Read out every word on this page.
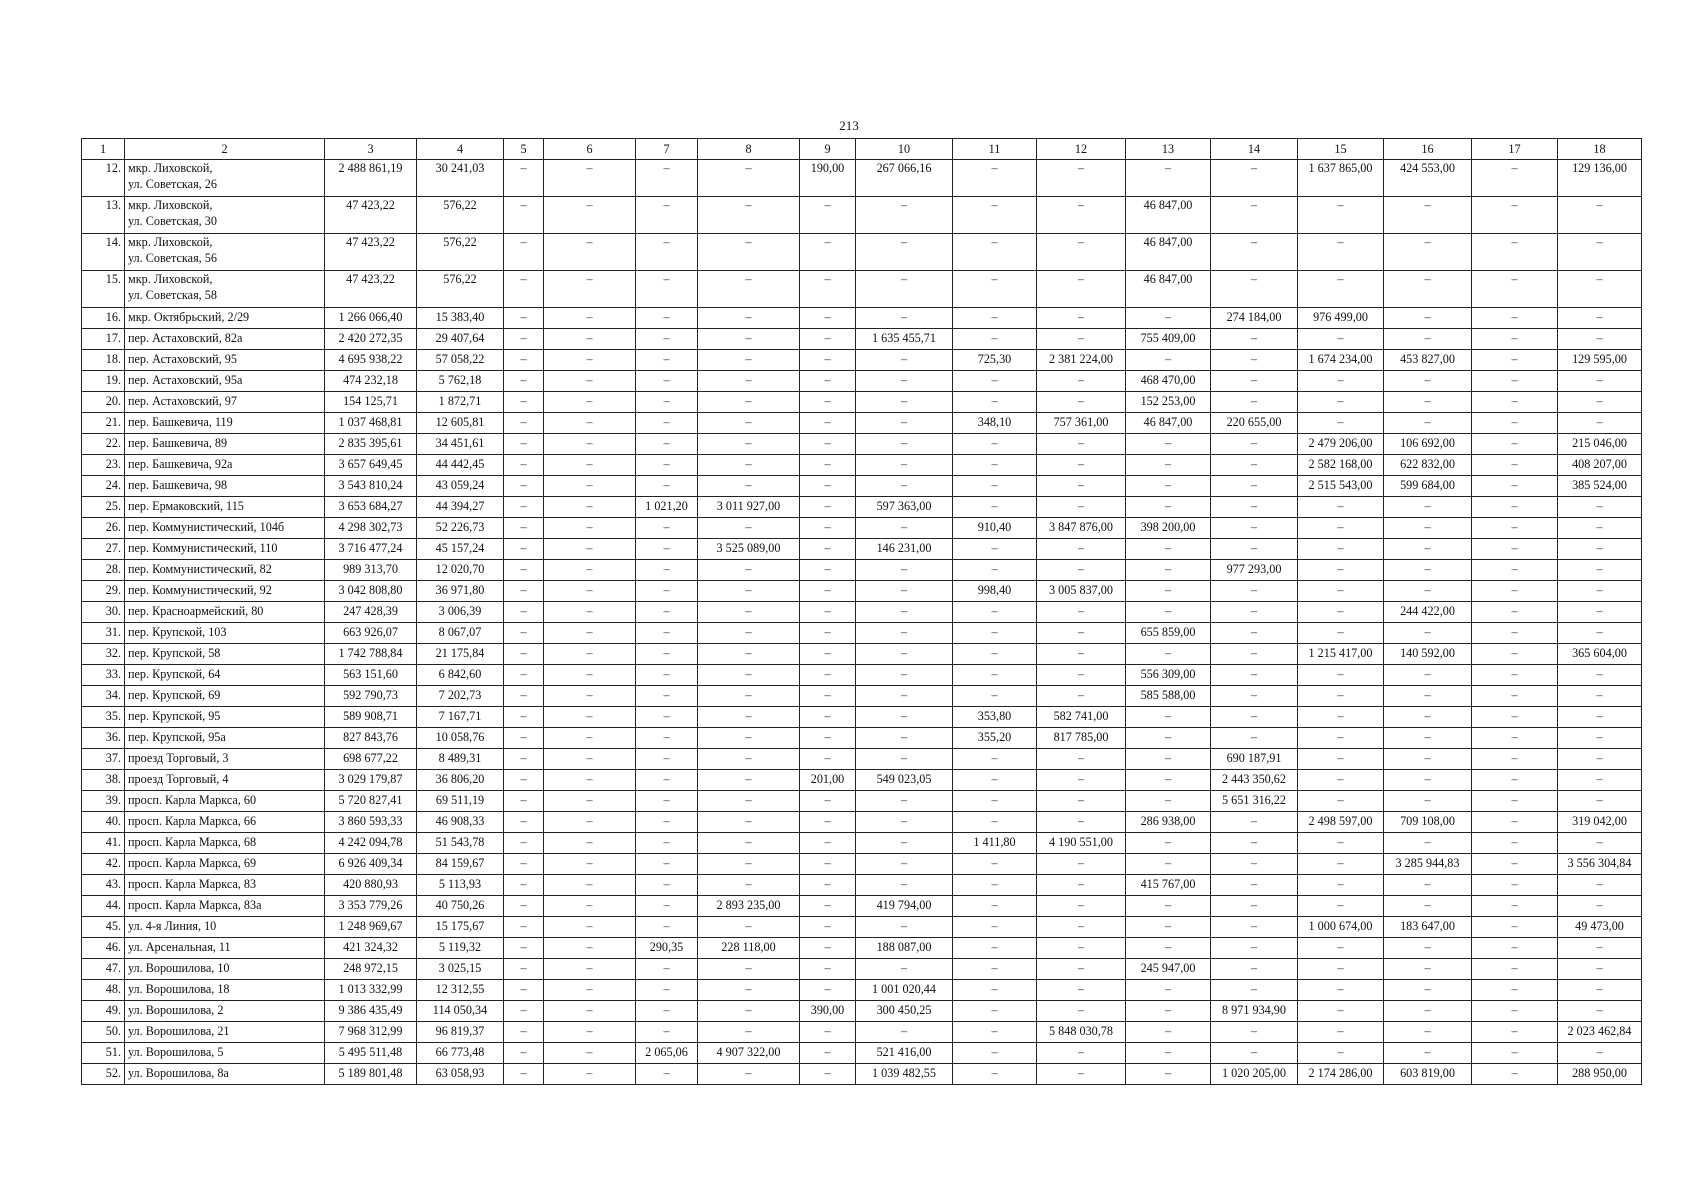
213
1	2	3	4	5	6	7	8	9	10	11	12	13	14	15	16	17	18
12.	мкр. Лиховской,
ул. Советская, 26	2 488 861,19	30 241,03	–	–	–	–	190,00	267 066,16	–	–	–	–	1 637 865,00	424 553,00	–	129 136,00
13.	мкр. Лиховской,
ул. Советская, 30	47 423,22	576,22	–	–	–	–	–	–	–	–	46 847,00	–	–	–	–	–
14.	мкр. Лиховской,
ул. Советская, 56	47 423,22	576,22	–	–	–	–	–	–	–	–	46 847,00	–	–	–	–	–
15.	мкр. Лиховской,
ул. Советская, 58	47 423,22	576,22	–	–	–	–	–	–	–	–	46 847,00	–	–	–	–	–
16.	мкр. Октябрьский, 2/29	1 266 066,40	15 383,40	–	–	–	–	–	–	–	–	–	274 184,00	976 499,00	–	–	–
17.	пер. Астаховский, 82а	2 420 272,35	29 407,64	–	–	–	–	–	1 635 455,71	–	–	755 409,00	–	–	–	–	–
18.	пер. Астаховский, 95	4 695 938,22	57 058,22	–	–	–	–	–	–	725,30	2 381 224,00	–	–	1 674 234,00	453 827,00	–	129 595,00
19.	пер. Астаховский, 95а	474 232,18	5 762,18	–	–	–	–	–	–	–	–	468 470,00	–	–	–	–	–
20.	пер. Астаховский, 97	154 125,71	1 872,71	–	–	–	–	–	–	–	–	152 253,00	–	–	–	–	–
21.	пер. Башкевича, 119	1 037 468,81	12 605,81	–	–	–	–	–	–	348,10	757 361,00	46 847,00	220 655,00	–	–	–	–
22.	пер. Башкевича, 89	2 835 395,61	34 451,61	–	–	–	–	–	–	–	–	–	–	2 479 206,00	106 692,00	–	215 046,00
23.	пер. Башкевича, 92а	3 657 649,45	44 442,45	–	–	–	–	–	–	–	–	–	–	2 582 168,00	622 832,00	–	408 207,00
24.	пер. Башкевича, 98	3 543 810,24	43 059,24	–	–	–	–	–	–	–	–	–	–	2 515 543,00	599 684,00	–	385 524,00
25.	пер. Ермаковский, 115	3 653 684,27	44 394,27	–	–	1 021,20	3 011 927,00	–	597 363,00	–	–	–	–	–	–	–	–
26.	пер. Коммунистический, 104б	4 298 302,73	52 226,73	–	–	–	–	–	–	910,40	3 847 876,00	398 200,00	–	–	–	–	–
27.	пер. Коммунистический, 110	3 716 477,24	45 157,24	–	–	–	3 525 089,00	–	146 231,00	–	–	–	–	–	–	–	–
28.	пер. Коммунистический, 82	989 313,70	12 020,70	–	–	–	–	–	–	–	–	–	977 293,00	–	–	–	–
29.	пер. Коммунистический, 92	3 042 808,80	36 971,80	–	–	–	–	–	–	998,40	3 005 837,00	–	–	–	–	–	–
30.	пер. Красноармейский, 80	247 428,39	3 006,39	–	–	–	–	–	–	–	–	–	–	–	244 422,00	–	–
31.	пер. Крупской, 103	663 926,07	8 067,07	–	–	–	–	–	–	–	–	655 859,00	–	–	–	–	–
32.	пер. Крупской, 58	1 742 788,84	21 175,84	–	–	–	–	–	–	–	–	–	–	1 215 417,00	140 592,00	–	365 604,00
33.	пер. Крупской, 64	563 151,60	6 842,60	–	–	–	–	–	–	–	–	556 309,00	–	–	–	–	–
34.	пер. Крупской, 69	592 790,73	7 202,73	–	–	–	–	–	–	–	–	585 588,00	–	–	–	–	–
35.	пер. Крупской, 95	589 908,71	7 167,71	–	–	–	–	–	–	353,80	582 741,00	–	–	–	–	–	–
36.	пер. Крупской, 95а	827 843,76	10 058,76	–	–	–	–	–	–	355,20	817 785,00	–	–	–	–	–	–
37.	проезд Торговый, 3	698 677,22	8 489,31	–	–	–	–	–	–	–	–	–	690 187,91	–	–	–	–
38.	проезд Торговый, 4	3 029 179,87	36 806,20	–	–	–	–	201,00	549 023,05	–	–	–	2 443 350,62	–	–	–	–
39.	просп. Карла Маркса, 60	5 720 827,41	69 511,19	–	–	–	–	–	–	–	–	–	5 651 316,22	–	–	–	–
40.	просп. Карла Маркса, 66	3 860 593,33	46 908,33	–	–	–	–	–	–	–	–	286 938,00	–	2 498 597,00	709 108,00	–	319 042,00
41.	просп. Карла Маркса, 68	4 242 094,78	51 543,78	–	–	–	–	–	–	1 411,80	4 190 551,00	–	–	–	–	–	–
42.	просп. Карла Маркса, 69	6 926 409,34	84 159,67	–	–	–	–	–	–	–	–	–	–	–	3 285 944,83	–	3 556 304,84
43.	просп. Карла Маркса, 83	420 880,93	5 113,93	–	–	–	–	–	–	–	–	415 767,00	–	–	–	–	–
44.	просп. Карла Маркса, 83а	3 353 779,26	40 750,26	–	–	–	2 893 235,00	–	419 794,00	–	–	–	–	–	–	–	–
45.	ул. 4-я Линия, 10	1 248 969,67	15 175,67	–	–	–	–	–	–	–	–	–	–	1 000 674,00	183 647,00	–	49 473,00
46.	ул. Арсенальная, 11	421 324,32	5 119,32	–	–	290,35	228 118,00	–	188 087,00	–	–	–	–	–	–	–	–
47.	ул. Ворошилова, 10	248 972,15	3 025,15	–	–	–	–	–	–	–	–	245 947,00	–	–	–	–	–
48.	ул. Ворошилова, 18	1 013 332,99	12 312,55	–	–	–	–	–	1 001 020,44	–	–	–	–	–	–	–	–
49.	ул. Ворошилова, 2	9 386 435,49	114 050,34	–	–	–	–	390,00	300 450,25	–	–	–	8 971 934,90	–	–	–	–
50.	ул. Ворошилова, 21	7 968 312,99	96 819,37	–	–	–	–	–	–	–	5 848 030,78	–	–	–	–	–	2 023 462,84
51.	ул. Ворошилова, 5	5 495 511,48	66 773,48	–	–	2 065,06	4 907 322,00	–	521 416,00	–	–	–	–	–	–	–	–
52.	ул. Ворошилова, 8а	5 189 801,48	63 058,93	–	–	–	–	–	1 039 482,55	–	–	–	1 020 205,00	2 174 286,00	603 819,00	–	288 950,00
